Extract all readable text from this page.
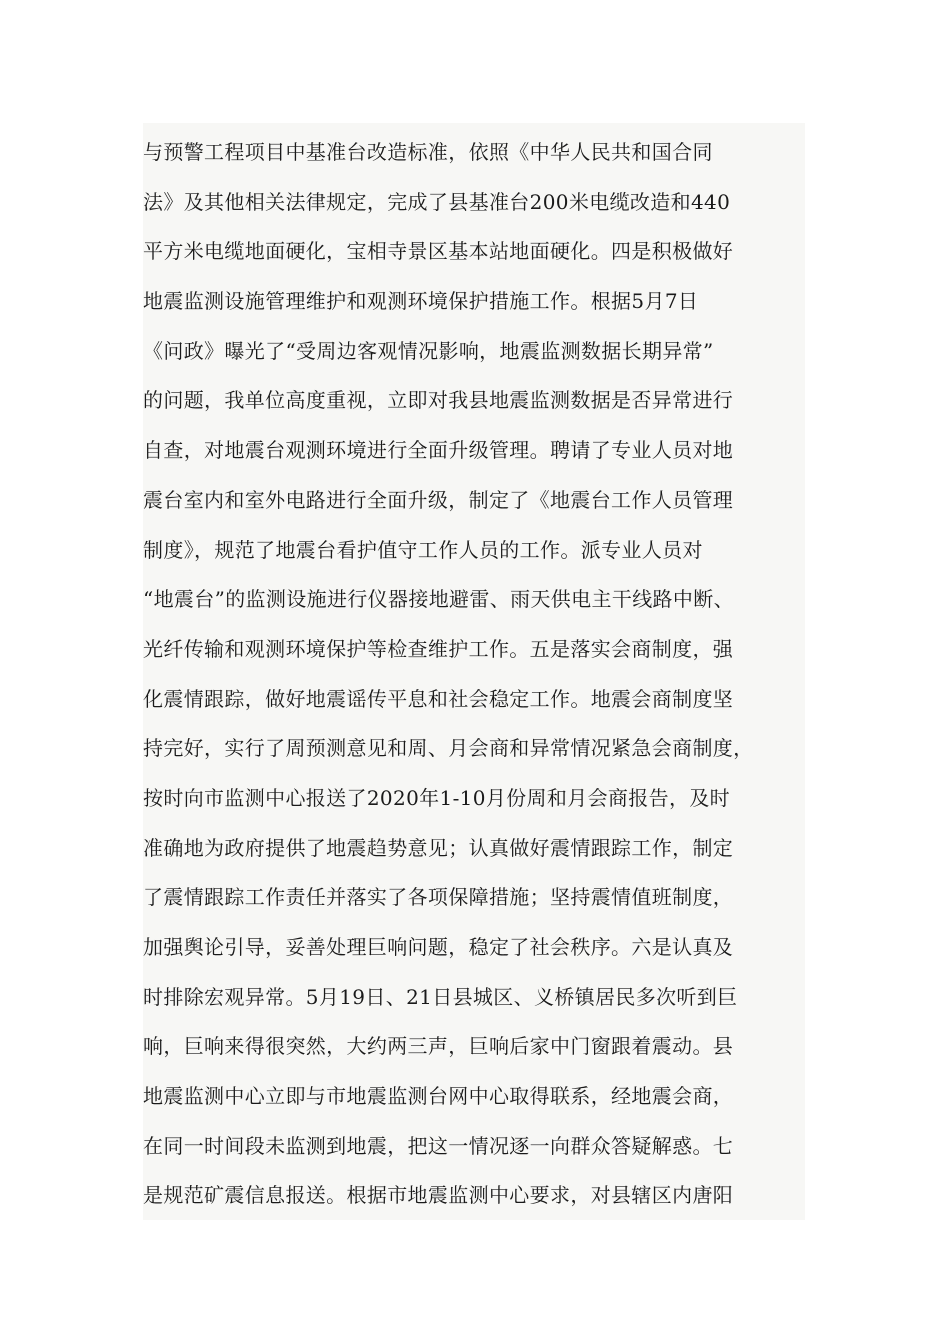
与预警工程项目中基准台改造标准，依照《中华人民共和国合同
法》及其他相关法律规定，完成了县基准台200米电缆改造和440
平方米电缆地面硬化，宝相寺景区基本站地面硬化。四是积极做好
地震监测设施管理维护和观测环境保护措施工作。根据5月7日
《问政》曝光了“受周边客观情况影响，地震监测数据长期异常”
的问题，我单位高度重视，立即对我县地震监测数据是否异常进行
自查，对地震台观测环境进行全面升级管理。聘请了专业人员对地
震台室内和室外电路进行全面升级，制定了《地震台工作人员管理
制度》，规范了地震台看护值守工作人员的工作。派专业人员对
“地震台”的监测设施进行仪器接地避雷、雨天供电主干线路中断、
光纤传输和观测环境保护等检查维护工作。五是落实会商制度，强
化震情跟踪，做好地震谣传平息和社会稳定工作。地震会商制度坚
持完好，实行了周预测意见和周、月会商和异常情况紧急会商制度，
按时向市监测中心报送了2020年1-10月份周和月会商报告，及时
准确地为政府提供了地震趋势意见；认真做好震情跟踪工作，制定
了震情跟踪工作责任并落实了各项保障措施；坚持震情值班制度，
加强舆论引导，妥善处理巨响问题，稳定了社会秩序。六是认真及
时排除宏观异常。5月19日、21日县城区、义桥镇居民多次听到巨
响，巨响来得很突然，大约两三声，巨响后家中门窗跟着震动。县
地震监测中心立即与市地震监测台网中心取得联系，经地震会商，
在同一时间段未监测到地震，把这一情况逐一向群众答疑解惑。七
是规范矿震信息报送。根据市地震监测中心要求，对县辖区内唐阳
